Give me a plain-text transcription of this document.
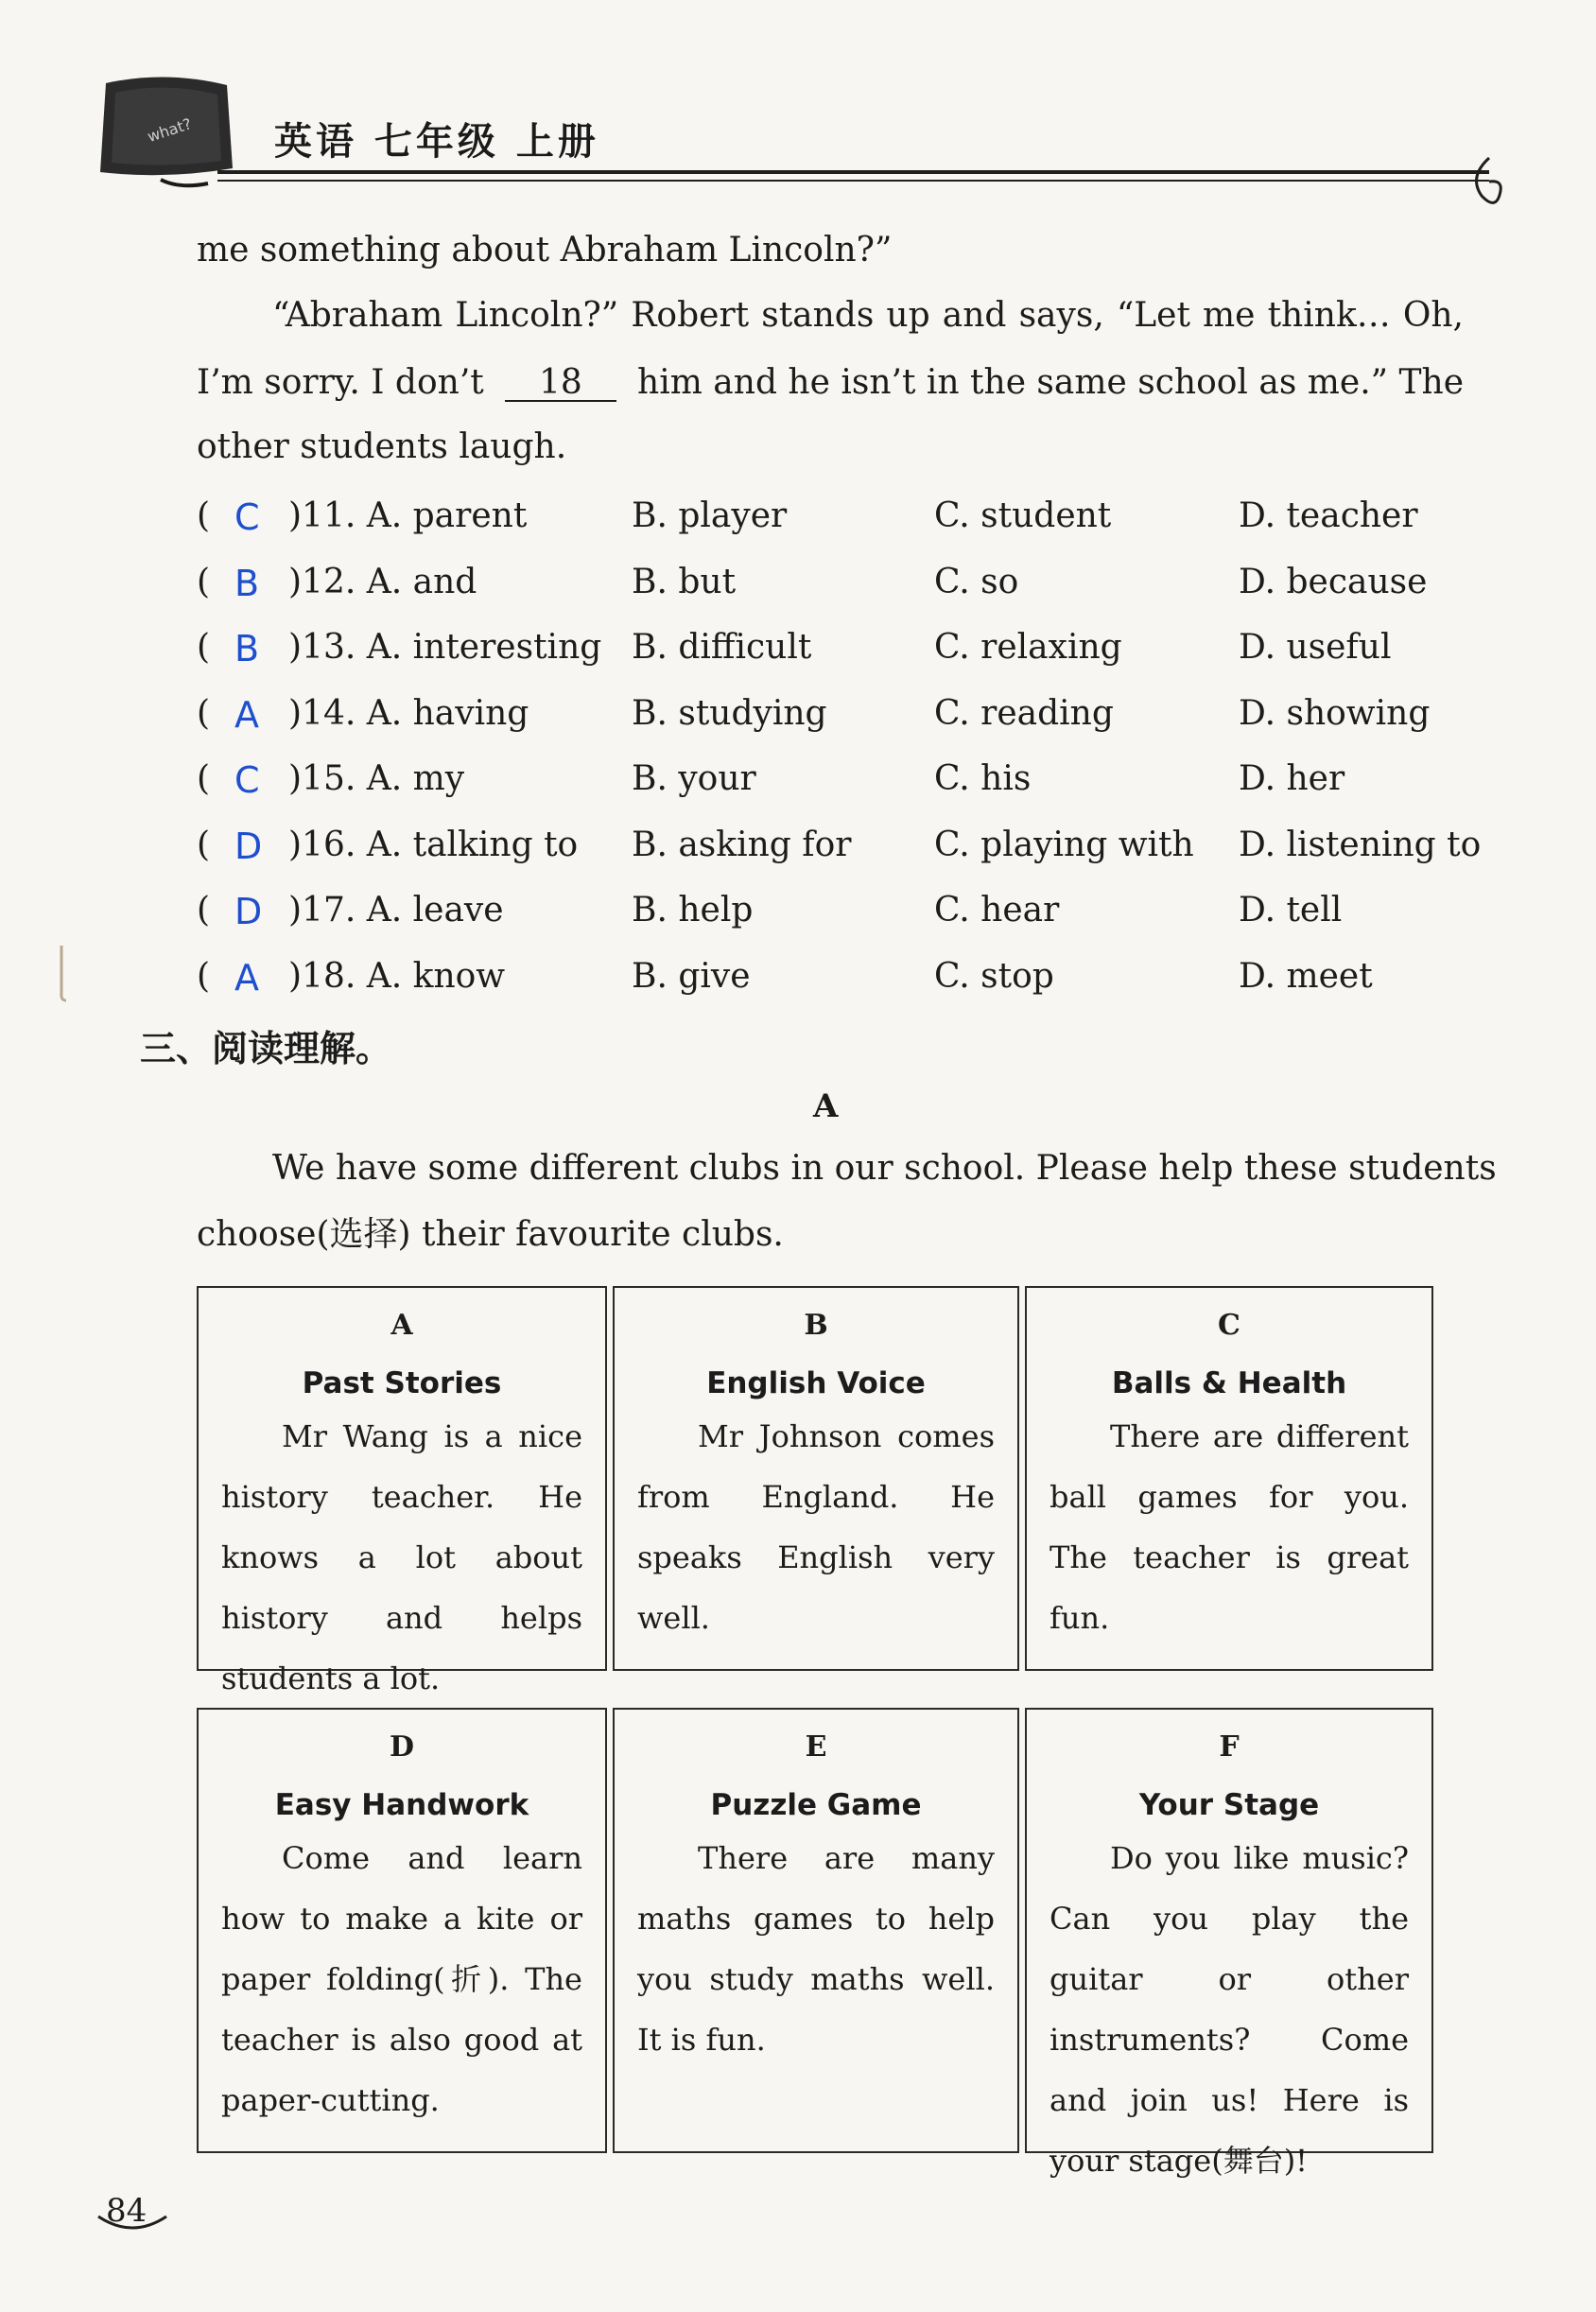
what? 英语 七年级 上册
me something about Abraham Lincoln?”
“Abraham Lincoln?” Robert stands up and says, “Let me think… Oh,
I’m sorry. I don’t	18	him and he isn’t in the same school as me.” The
other students laugh.
( C )11. A. parent	B. player	C. student	D. teacher
( B )12. A. and	B. but	C. so	D. because
( B )13. A. interesting B. difficult	C. relaxing	D. useful
( A )14. A. having	B. studying	C. reading	D. showing
( C )15. A. my	B. your	C. his	D. her
( D )16. A. talking to B. asking for C. playing with D. listening to
( D )17. A. leave	B. help	C. hear	D. tell
( A )18. A. know	B. give	C. stop	D. meet
三、阅读理解。
A
We have some different clubs in our school. Please help these students
choose(选择) their favourite clubs.
A
Past Stories
Mr Wang is a nice history teacher. He knows a lot about history and helps students a lot.
B
English Voice
Mr Johnson comes from England. He speaks English very well.
C
Balls & Health
There are different ball games for you. The teacher is great fun.
D
Easy Handwork
Come and learn how to make a kite or paper folding(折). The teacher is also good at paper-cutting.
E
Puzzle Game
There are many maths games to help you study maths well. It is fun.
F
Your Stage
Do you like music? Can you play the guitar or other instruments? Come and join us! Here is your stage(舞台)!
84
